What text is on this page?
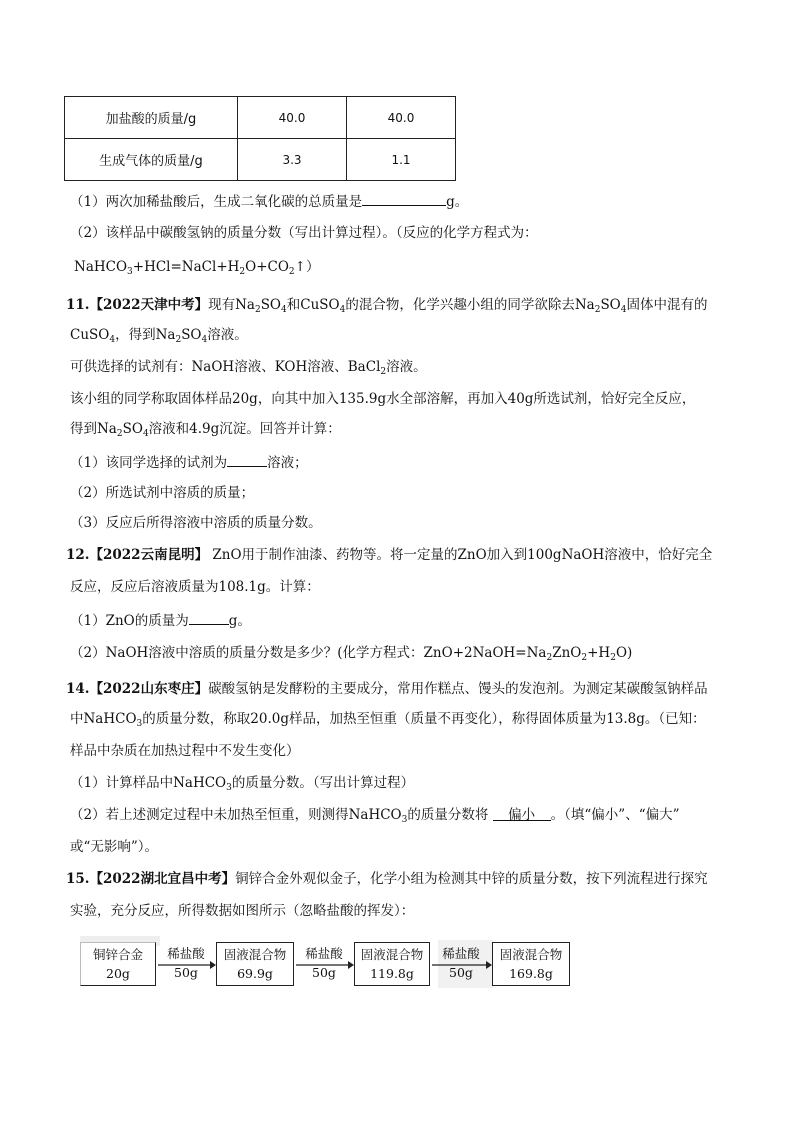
加盐酸的质量/g	40.0	40.0
生成气体的质量/g	3.3	1.1
（1）两次加稀盐酸后，生成二氧化碳的总质量是	g。
（2）该样品中碳酸氢钠的质量分数（写出计算过程）。（反应的化学方程式为：
$NaHCO_3+HCl=NaCl+H_2O+CO_2↑$）
11.【2022天津中考】现有$Na_2SO_4$和CuSO$_4$的混合物，化学兴趣小组的同学欲除去$Na_2SO_4$固体中混有的
CuSO$_4$，得到$Na_2SO_4$溶液。
可供选择的试剂有：NaOH溶液、KOH溶液、BaCl$_2$溶液。
该小组的同学称取固体样品20g，向其中加入135.9g水全部溶解，再加入40g所选试剂，恰好完全反应，
得到$Na_2SO_4$溶液和4.9g沉淀。回答并计算：
（1）该同学选择的试剂为	溶液；
（2）所选试剂中溶质的质量；
（3）反应后所得溶液中溶质的质量分数。
12.【2022云南昆明】 ZnO用于制作油漆、药物等。将一定量的ZnO加入到100gNaOH溶液中，恰好完全
反应，反应后溶液质量为108.1g。计算：
（1）ZnO的质量为	g。
（2）NaOH溶液中溶质的质量分数是多少？(化学方程式：$ZnO+2NaOH=Na_2ZnO_2+H_2O$)
14.【2022山东枣庄】碳酸氢钠是发酵粉的主要成分，常用作糕点、馒头的发泡剂。为测定某碳酸氢钠样品
中NaHCO$_3$的质量分数，称取20.0g样品，加热至恒重（质量不再变化），称得固体质量为13.8g。（已知：
样品中杂质在加热过程中不发生变化）
（1）计算样品中NaHCO$_3$的质量分数。（写出计算过程）
（2）若上述测定过程中未加热至恒重，则测得NaHCO$_3$的质量分数将 偏小 。（填“偏小”、“偏大”
或“无影响”）。
15.【2022湖北宜昌中考】铜锌合金外观似金子，化学小组为检测其中锌的质量分数，按下列流程进行探究
实验，充分反应，所得数据如图所示（忽略盐酸的挥发）：
铜锌合金
20g
稀盐酸
50g
固液混合物
69.9g
稀盐酸
50g
固液混合物
119.8g
稀盐酸
50g
固液混合物
169.8g
